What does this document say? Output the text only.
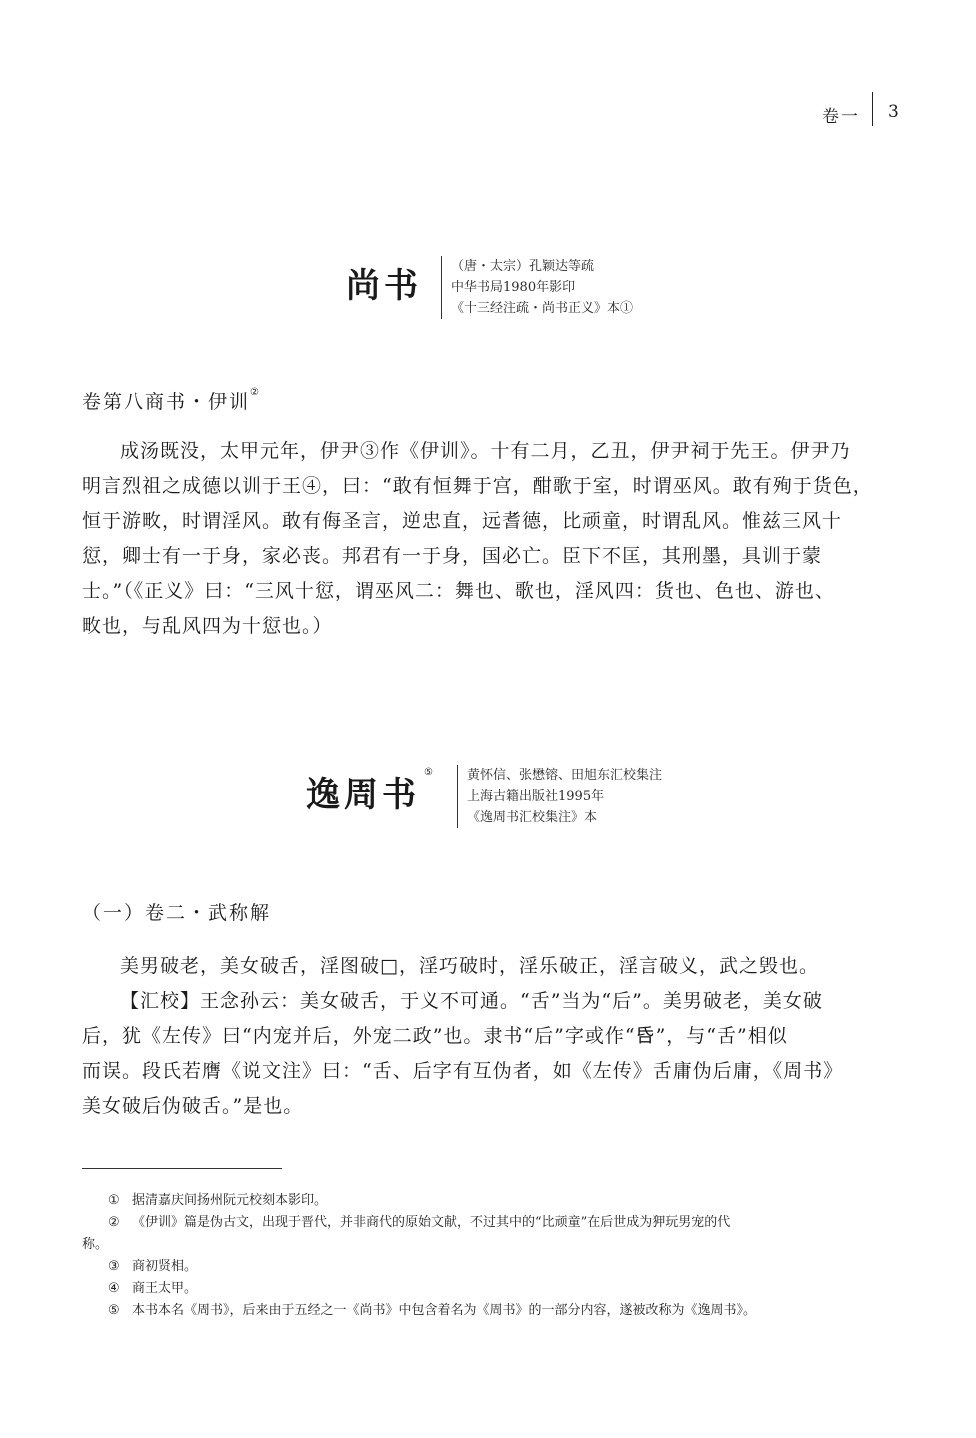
卷一 3
尚书 （唐・太宗）孔颖达等疏
中华书局1980年影印
《十三经注疏・尚书正义》本①
卷第八商书・伊训②
成汤既没，太甲元年，伊尹③作《伊训》。十有二月，乙丑，伊尹祠于先王。伊尹乃
明言烈祖之成德以训于王④，曰：“敢有恒舞于宫，酣歌于室，时谓巫风。敢有殉于货色，
恒于游畋，时谓淫风。敢有侮圣言，逆忠直，远耆德，比顽童，时谓乱风。惟兹三风十
愆，卿士有一于身，家必丧。邦君有一于身，国必亡。臣下不匡，其刑墨，具训于蒙
士。”（《正义》曰：“三风十愆，谓巫风二：舞也、歌也，淫风四：货也、色也、游也、
畋也，与乱风四为十愆也。）
逸周书⑤	黄怀信、张懋镕、田旭东汇校集注
上海古籍出版社1995年
《逸周书汇校集注》本
（一）卷二・武称解
美男破老，美女破舌，淫图破□，淫巧破时，淫乐破正，淫言破义，武之毁也。
【汇校】王念孙云：美女破舌，于义不可通。“舌”当为“后”。美男破老，美女破
后，犹《左传》曰“内宠并后，外宠二政”也。隶书“后”字或作“𠯑”，与“舌”相似
而误。段氏若膺《说文注》曰：“舌、后字有互伪者，如《左传》舌庸伪后庸，《周书》
美女破后伪破舌。”是也。
① 据清嘉庆间扬州阮元校刻本影印。
② 《伊训》篇是伪古文，出现于晋代，并非商代的原始文献，不过其中的“比顽童”在后世成为狎玩男宠的代
称。
③ 商初贤相。
④ 商王太甲。
⑤ 本书本名《周书》，后来由于五经之一《尚书》中包含着名为《周书》的一部分内容，遂被改称为《逸周书》。
